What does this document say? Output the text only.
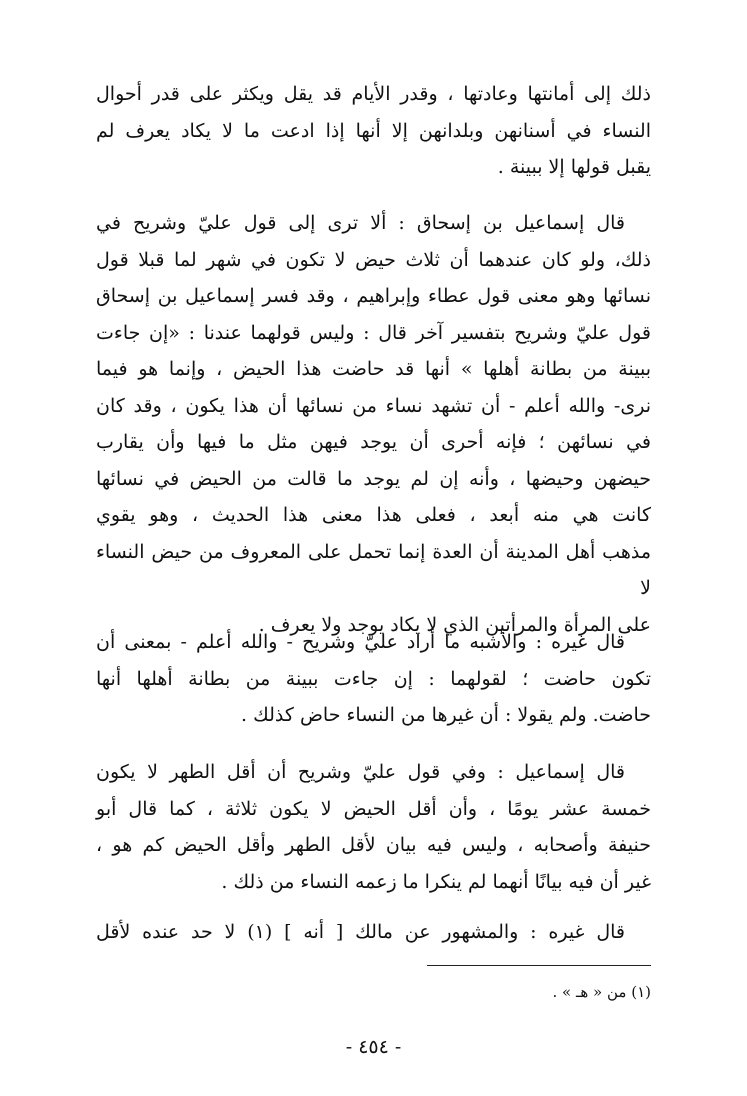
ذلك إلى أمانتها وعادتها ، وقدر الأيام قد يقل ويكثر على قدر أحوال
النساء في أسنانهن وبلدانهن إلا أنها إذا ادعت ما لا يكاد يعرف لم
يقبل قولها إلا ببينة .
قال إسماعيل بن إسحاق : ألا ترى إلى قول عليّ وشريح في
ذلك، ولو كان عندهما أن ثلاث حيض لا تكون في شهر لما قبلا قول
نسائها وهو معنى قول عطاء وإبراهيم ، وقد فسر إسماعيل بن إسحاق
قول عليّ وشريح بتفسير آخر قال : وليس قولهما عندنا : «إن جاءت
ببينة من بطانة أهلها » أنها قد حاضت هذا الحيض ، وإنما هو فيما
نرى- والله أعلم - أن تشهد نساء من نسائها أن هذا يكون ، وقد كان
في نسائهن ؛ فإنه أحرى أن يوجد فيهن مثل ما فيها وأن يقارب
حيضهن وحيضها ، وأنه إن لم يوجد ما قالت من الحيض في نسائها
كانت هي منه أبعد ، فعلى هذا معنى هذا الحديث ، وهو يقوي
مذهب أهل المدينة أن العدة إنما تحمل على المعروف من حيض النساء لا
على المرأة والمرأتين الذي لا يكاد يوجد ولا يعرف .
قال غيره : والأشبه ما أراد عليّ وشريح - والله أعلم - بمعنى أن
تكون حاضت ؛ لقولهما : إن جاءت ببينة من بطانة أهلها أنها
حاضت. ولم يقولا : أن غيرها من النساء حاض كذلك .
قال إسماعيل : وفي قول عليّ وشريح أن أقل الطهر لا يكون
خمسة عشر يومًا ، وأن أقل الحيض لا يكون ثلاثة ، كما قال أبو
حنيفة وأصحابه ، وليس فيه بيان لأقل الطهر وأقل الحيض كم هو ،
غير أن فيه بيانًا أنهما لم ينكرا ما زعمه النساء من ذلك .
قال غيره : والمشهور عن مالك [ أنه ] (١) لا حد عنده لأقل
(١) من « هـ » .
- ٤٥٤ -
